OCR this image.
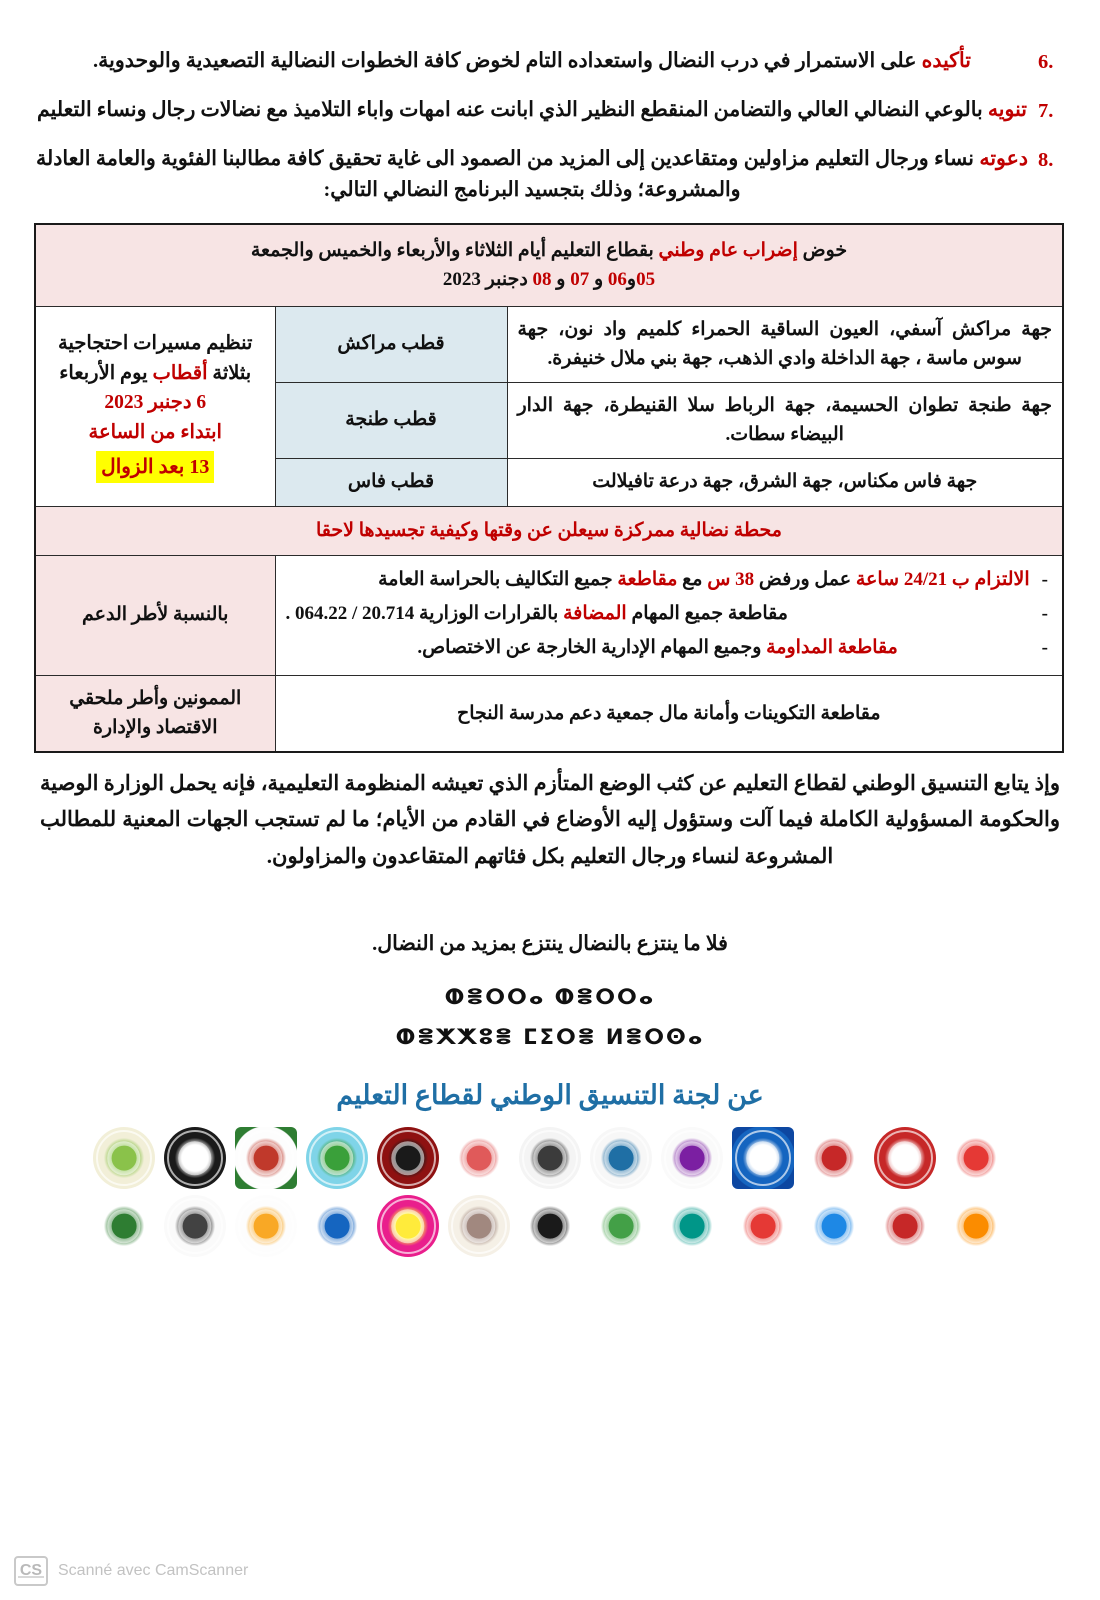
6.
تأكيده على الاستمرار في درب النضال واستعداده التام لخوض كافة الخطوات النضالية التصعيدية والوحدوية.
7.
تنويه بالوعي النضالي العالي والتضامن المنقطع النظير الذي ابانت عنه امهات واباء التلاميذ مع نضالات رجال ونساء التعليم
8.
دعوته نساء ورجال التعليم مزاولين ومتقاعدين إلى المزيد من الصمود الى غاية تحقيق كافة مطالبنا الفئوية والعامة العادلة والمشروعة؛ وذلك بتجسيد البرنامج النضالي التالي:
خوض إضراب عام وطني بقطاع التعليم أيام الثلاثاء والأربعاء والخميس والجمعة
05و06 و 07 و 08 دجنبر 2023		
جهة مراكش آسفي، العيون الساقية الحمراء كلميم واد نون، جهة سوس ماسة ، جهة الداخلة وادي الذهب، جهة بني ملال خنيفرة.	قطب مراكش	تنظيم مسيرات احتجاجية
بثلاثة أقطاب يوم الأربعاء
6 دجنبر 2023
ابتداء من الساعة
13 بعد الزوال
جهة طنجة تطوان الحسيمة، جهة الرباط سلا القنيطرة، جهة الدار البيضاء سطات.	قطب طنجة	
جهة فاس مكناس، جهة الشرق، جهة درعة تافيلالت	قطب فاس	
محطة نضالية ممركزة سيعلن عن وقتها وكيفية تجسيدها لاحقا		

-
الالتزام ب 24/21 ساعة عمل ورفض 38 س مع مقاطعة جميع التكاليف بالحراسة العامة
-
مقاطعة جميع المهام المضافة بالقرارات الوزارية 20.714 / 064.22 .
-
مقاطعة المداومة وجميع المهام الإدارية الخارجة عن الاختصاص.
	بالنسبة لأطر الدعم
مقاطعة التكوينات وأمانة مال جمعية دعم مدرسة النجاح		الممونين وأطر ملحقي
الاقتصاد والإدارة

وإذ يتابع التنسيق الوطني لقطاع التعليم عن كثب الوضع المتأزم الذي تعيشه المنظومة التعليمية، فإنه يحمل الوزارة الوصية والحكومة المسؤولية الكاملة فيما آلت وستؤول إليه الأوضاع في القادم من الأيام؛ ما لم تستجب الجهات المعنية للمطالب المشروعة لنساء ورجال التعليم بكل فئاتهم المتقاعدون والمزاولون.

فلا ما ينتزع بالنضال ينتزع بمزيد من النضال.
ⵀⴻⵔⵔⴰ ⵀⴻⵔⵔⴰ
ⵀⴻⵅⵅⵓⴻ ⵎⵉⵔⴻ ⵍⴻⵔⵙⴰ
عن لجنة التنسيق الوطني لقطاع التعليم
CS Scanné avec CamScanner
